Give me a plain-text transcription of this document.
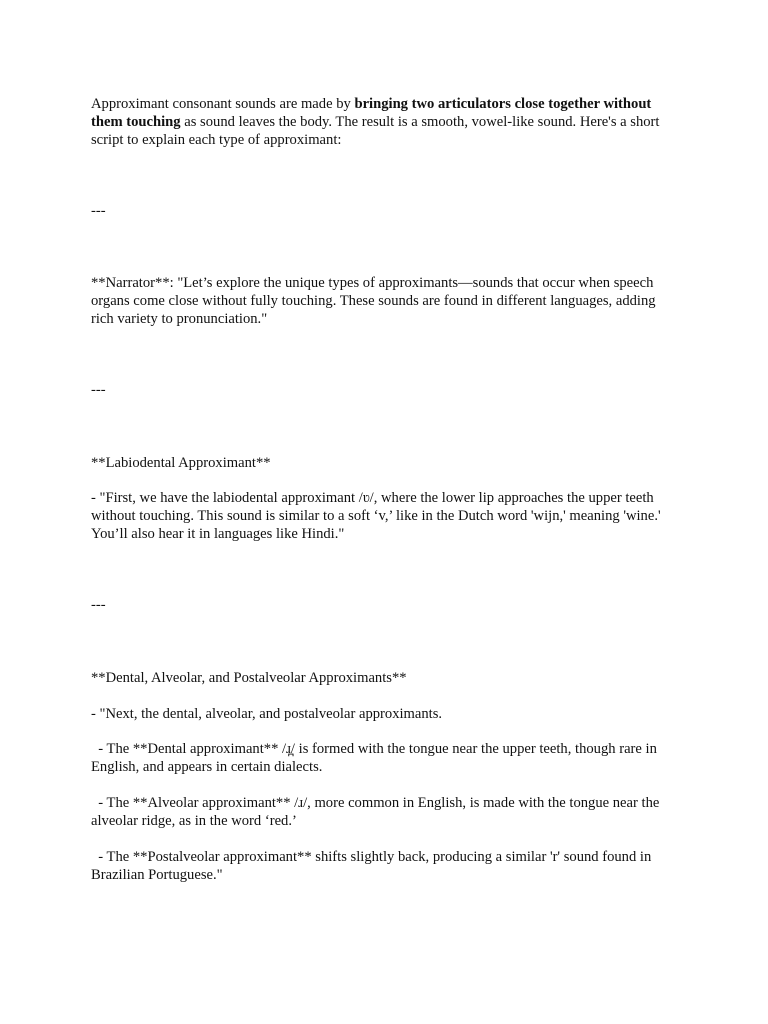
Approximant consonant sounds are made by bringing two articulators close together without them touching as sound leaves the body. The result is a smooth, vowel-like sound. Here's a short script to explain each type of approximant:

---

**Narrator**: "Let’s explore the unique types of approximants—sounds that occur when speech organs come close without fully touching. These sounds are found in different languages, adding rich variety to pronunciation."

---

**Labiodental Approximant**

- "First, we have the labiodental approximant /ʋ/, where the lower lip approaches the upper teeth without touching. This sound is similar to a soft ‘v,’ like in the Dutch word 'wijn,' meaning 'wine.' You’ll also hear it in languages like Hindi."

---

**Dental, Alveolar, and Postalveolar Approximants**

- "Next, the dental, alveolar, and postalveolar approximants.

- The **Dental approximant** /ɹ̪/ is formed with the tongue near the upper teeth, though rare in English, and appears in certain dialects.

- The **Alveolar approximant** /ɹ/, more common in English, is made with the tongue near the alveolar ridge, as in the word ‘red.’

- The **Postalveolar approximant** shifts slightly back, producing a similar 'r' sound found in Brazilian Portuguese."
